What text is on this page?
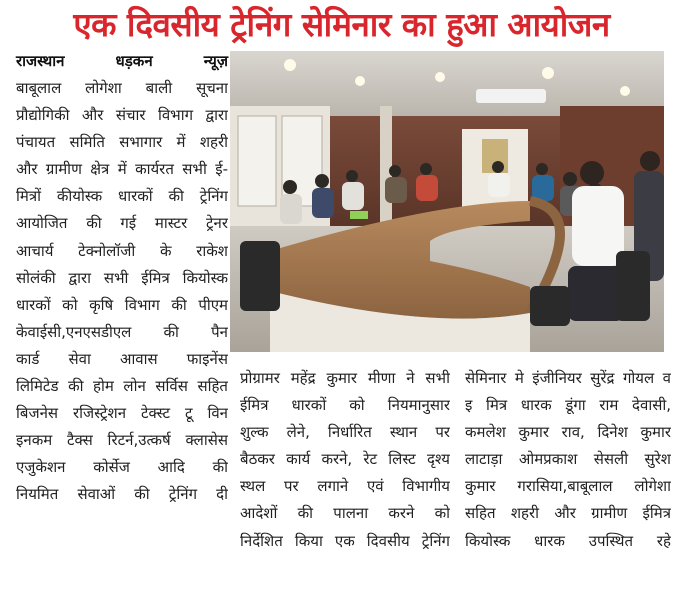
एक दिवसीय ट्रेनिंग सेमिनार का हुआ आयोजन
राजस्थान	धड़कन	न्यूज़
बाबूलाल लोगेशा बाली सूचना
प्रौद्योगिकी और संचार विभाग द्वारा
पंचायत समिति सभागार में शहरी
और ग्रामीण क्षेत्र में कार्यरत सभी ई-
मित्रों कीयोस्क धारकों की ट्रेनिंग
आयोजित की गई मास्टर ट्रेनर
आचार्य टेक्नोलॉजी के राकेश
सोलंकी द्वारा सभी ईमित्र कियोस्क
धारकों को कृषि विभाग की पीएम
केवाईसी,एनएसडीएल की पैन
कार्ड सेवा आवास फाइनेंस
लिमिटेड की होम लोन सर्विस सहित
बिजनेस रजिस्ट्रेशन टेक्स्ट टू विन
इनकम टैक्स रिटर्न,उत्कर्ष क्लासेस
एजुकेशन कोर्सेज आदि की
नियमित सेवाओं की ट्रेनिंग दी
प्रोग्रामर महेंद्र कुमार मीणा ने सभी
ईमित्र धारकों को नियमानुसार
शुल्क लेने, निर्धारित स्थान पर
बैठकर कार्य करने, रेट लिस्ट दृश्य
स्थल पर लगाने एवं विभागीय
आदेशों की पालना करने को
निर्देशित किया एक दिवसीय ट्रेनिंग
सेमिनार मे इंजीनियर सुरेंद्र गोयल व
इ मित्र धारक डूंगा राम देवासी,
कमलेश कुमार राव, दिनेश कुमार
लाटाड़ा ओमप्रकाश सेसली सुरेश
कुमार गरासिया,बाबूलाल लोगेशा
सहित शहरी और ग्रामीण ईमित्र
कियोस्क धारक उपस्थित रहे
